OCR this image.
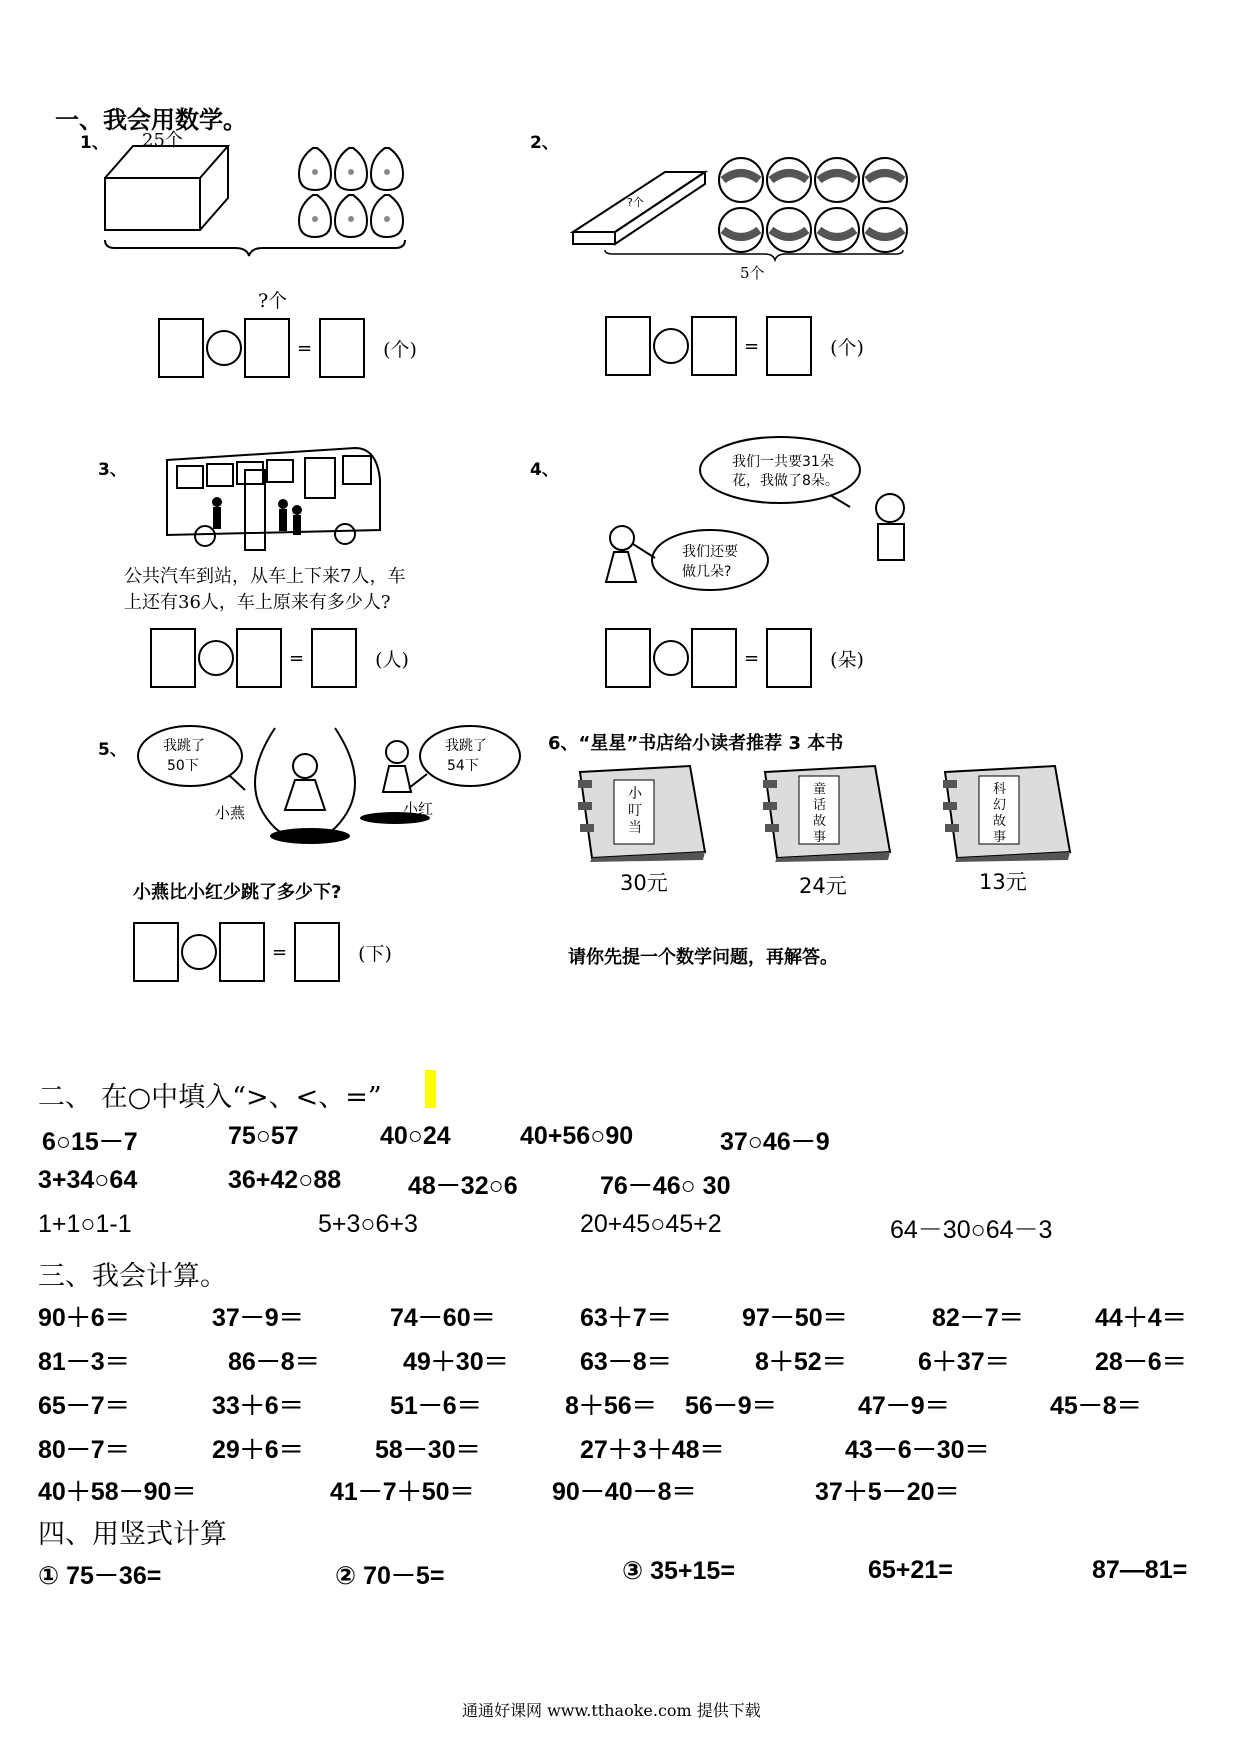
一、我会用数学。
1、 25个
?个
=	(个)
2、
?个
5个
=	(个)
3、
公共汽车到站，从车上下来7人，车
上还有36人，车上原来有多少人?
=	(人)
4、	我们一共要31朵
花，我做了8朵。
我们还要
做几朵?
=	(朵)
5、	我跳了
50下
我跳了
54下
小燕	小红
小燕比小红少跳了多少下?
=	(下)
6、“星星”书店给小读者推荐 3 本书
小叮当
30元
童话故事
24元
科幻故事
13元
请你先提一个数学问题，再解答。
二、 在○中填入“>、<、=”
6○15－7	75○57	40○24	40+56○90	37○46－9
3+34○64	36+42○88	48－32○6	76－46○ 30
1+1○1-1	5+3○6+3	20+45○45+2	64－30○64－3
三、我会计算。
90＋6＝	37－9＝	74－60＝	63＋7＝	97－50＝	82－7＝	44＋4＝
81－3＝	86－8＝	49＋30＝	63－8＝	8＋52＝	6＋37＝	28－6＝
65－7＝	33＋6＝	51－6＝	8＋56＝ 56－9＝	47－9＝	45－8＝
80－7＝	29＋6＝	58－30＝	27＋3＋48＝	43－6－30＝
40＋58－90＝	41－7＋50＝	90－40－8＝	37＋5－20＝
四、用竖式计算
① 75－36=	② 70－5=	③ 35+15=	65+21=	87—81=
通通好课网 www.tthaoke.com 提供下载
